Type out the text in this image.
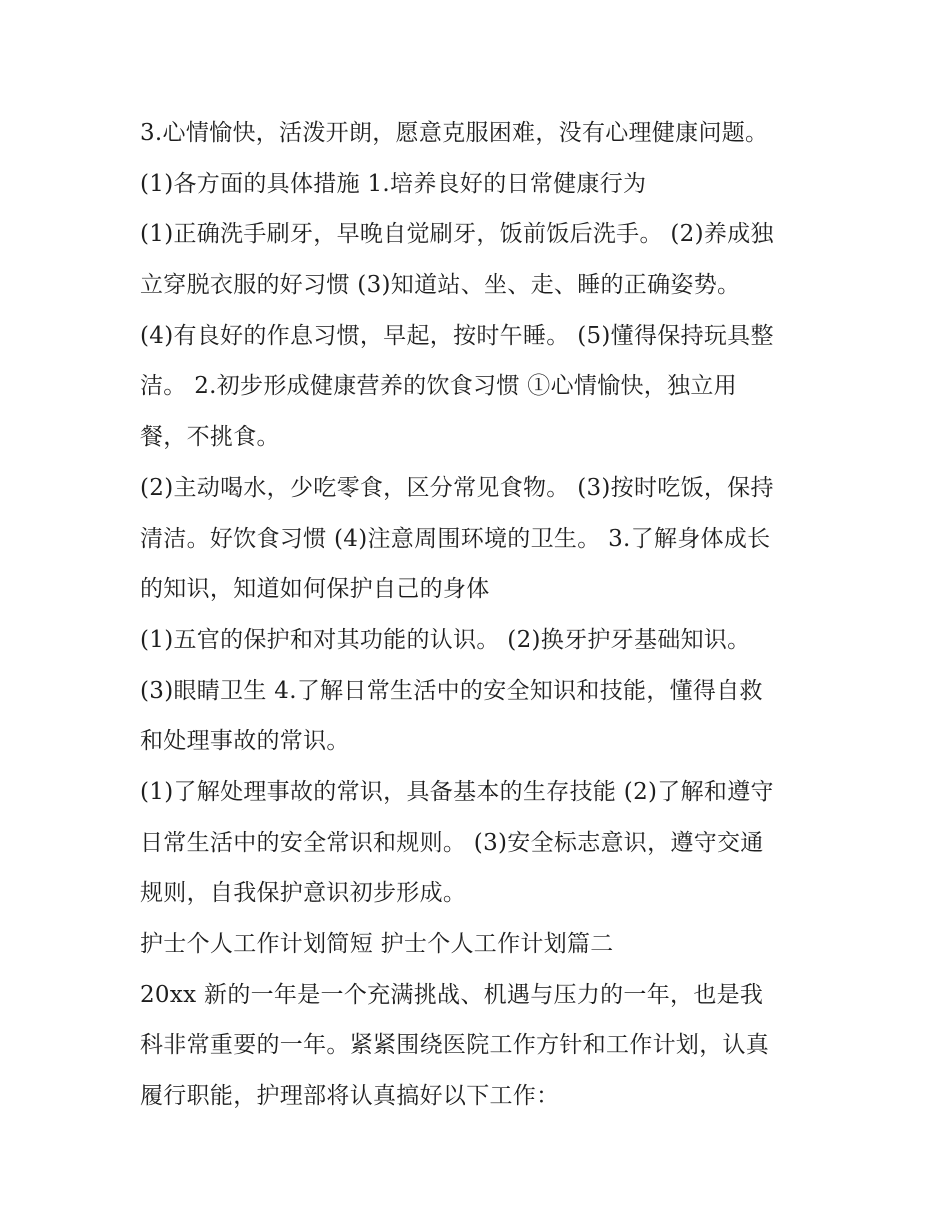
3.心情愉快，活泼开朗，愿意克服困难，没有心理健康问题。
(1)各方面的具体措施 1.培养良好的日常健康行为
(1)正确洗手刷牙，早晚自觉刷牙，饭前饭后洗手。 (2)养成独
立穿脱衣服的好习惯 (3)知道站、坐、走、睡的正确姿势。
(4)有良好的作息习惯，早起，按时午睡。 (5)懂得保持玩具整
洁。 2.初步形成健康营养的饮食习惯 ①心情愉快，独立用
餐，不挑食。
(2)主动喝水，少吃零食，区分常见食物。 (3)按时吃饭，保持
清洁。好饮食习惯 (4)注意周围环境的卫生。 3.了解身体成长
的知识，知道如何保护自己的身体
(1)五官的保护和对其功能的认识。 (2)换牙护牙基础知识。
(3)眼睛卫生 4.了解日常生活中的安全知识和技能，懂得自救
和处理事故的常识。
(1)了解处理事故的常识，具备基本的生存技能 (2)了解和遵守
日常生活中的安全常识和规则。 (3)安全标志意识，遵守交通
规则，自我保护意识初步形成。
护士个人工作计划简短 护士个人工作计划篇二
20xx 新的一年是一个充满挑战、机遇与压力的一年，也是我
科非常重要的一年。紧紧围绕医院工作方针和工作计划，认真
履行职能，护理部将认真搞好以下工作：
